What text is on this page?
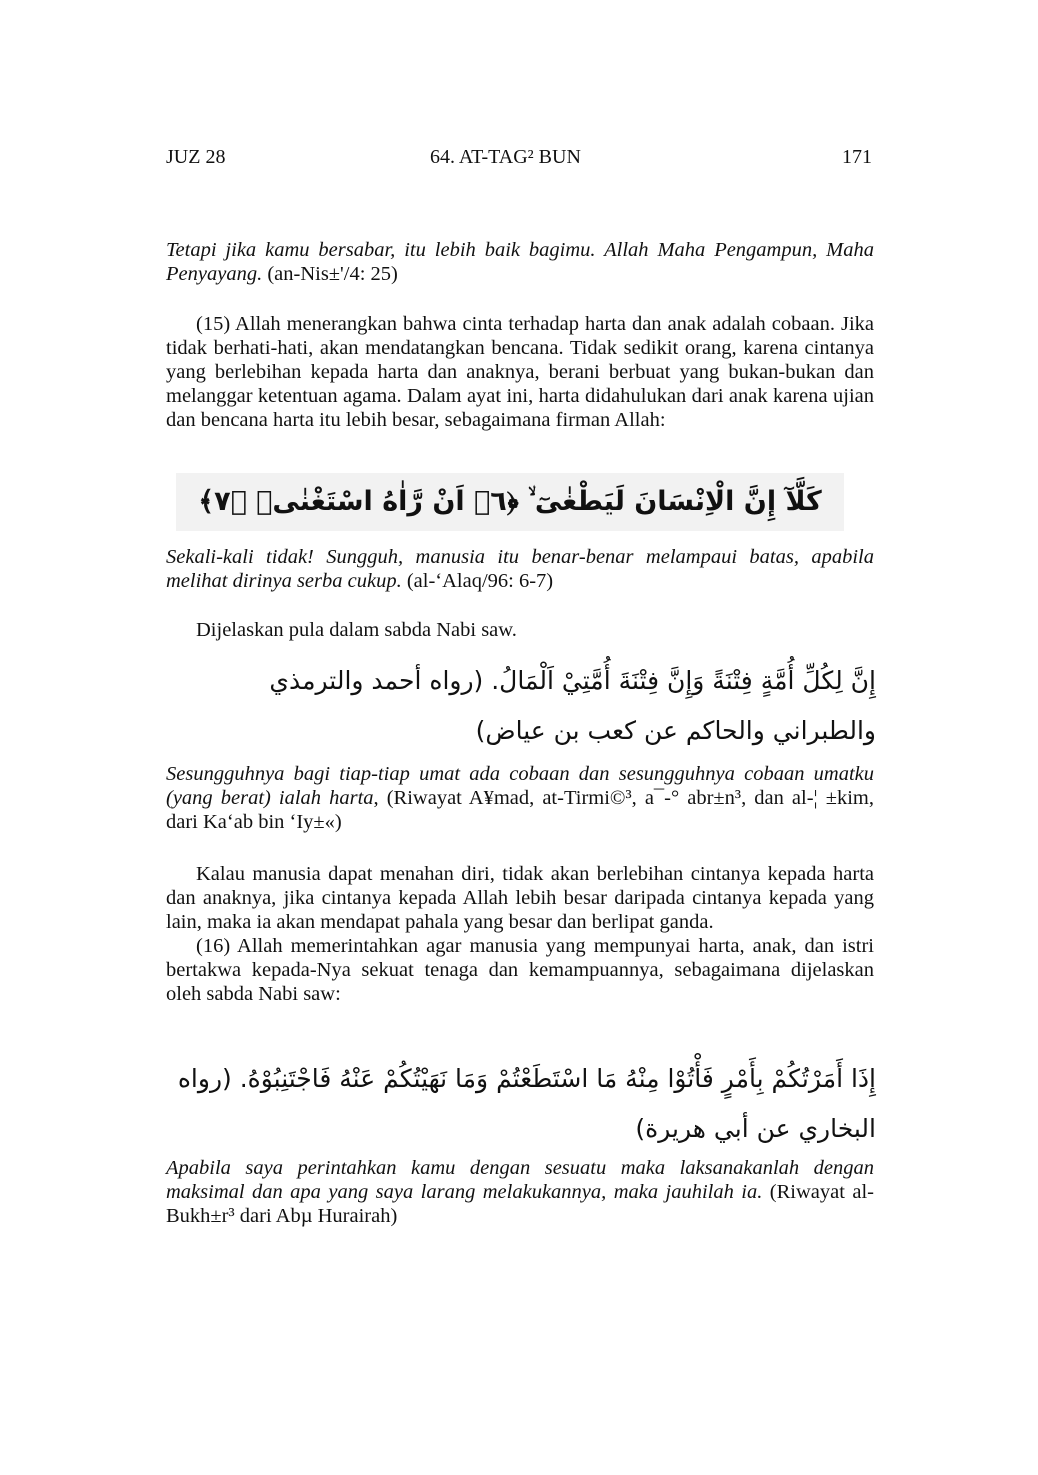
JUZ 28	64. AT-TAG² BUN	171

Tetapi jika kamu bersabar, itu lebih baik bagimu. Allah Maha Pengampun, Maha Penyayang. (an-Nis±'/4: 25)

(15) Allah menerangkan bahwa cinta terhadap harta dan anak adalah cobaan. Jika tidak berhati-hati, akan mendatangkan bencana. Tidak sedikit orang, karena cintanya yang berlebihan kepada harta dan anaknya, berani berbuat yang bukan-bukan dan melanggar ketentuan agama. Dalam ayat ini, harta didahulukan dari anak karena ujian dan bencana harta itu lebih besar, sebagaimana firman Allah:

كَلَّآ إِنَّ الْاِنْسَانَ لَيَطْغٰىٓ ۙ ﴿٦﴾ اَنْ رَّاٰهُ اسْتَغْنٰىۗ ﴿٧﴾

Sekali-kali tidak! Sungguh, manusia itu benar-benar melampaui batas, apabila melihat dirinya serba cukup. (al-‘Alaq/96: 6-7)

Dijelaskan pula dalam sabda Nabi saw.

إِنَّ لِكُلِّ أُمَّةٍ فِتْنَةً وَإِنَّ فِتْنَةَ أُمَّتِيْ اَلْمَالُ. (رواه أحمد والترمذي والطبراني والحاكم عن كعب بن عياض)

Sesungguhnya bagi tiap-tiap umat ada cobaan dan sesungguhnya cobaan umatku (yang berat) ialah harta, (Riwayat A¥mad, at-Tirmi©³, a¯-° abr±n³, dan al-¦ ±kim, dari Ka‘ab bin ‘Iy±«)

Kalau manusia dapat menahan diri, tidak akan berlebihan cintanya kepada harta dan anaknya, jika cintanya kepada Allah lebih besar daripada cintanya kepada yang lain, maka ia akan mendapat pahala yang besar dan berlipat ganda.

(16) Allah memerintahkan agar manusia yang mempunyai harta, anak, dan istri bertakwa kepada-Nya sekuat tenaga dan kemampuannya, sebagaimana dijelaskan oleh sabda Nabi saw:

إِذَا أَمَرْتُكُمْ بِأَمْرٍ فَأْتُوْا مِنْهُ مَا اسْتَطَعْتُمْ وَمَا نَهَيْتُكُمْ عَنْهُ فَاجْتَنِبُوْهُ. (رواه البخاري عن أبي هريرة)

Apabila saya perintahkan kamu dengan sesuatu maka laksanakanlah dengan maksimal dan apa yang saya larang melakukannya, maka jauhilah ia. (Riwayat al-Bukh±r³ dari Abµ Hurairah)
